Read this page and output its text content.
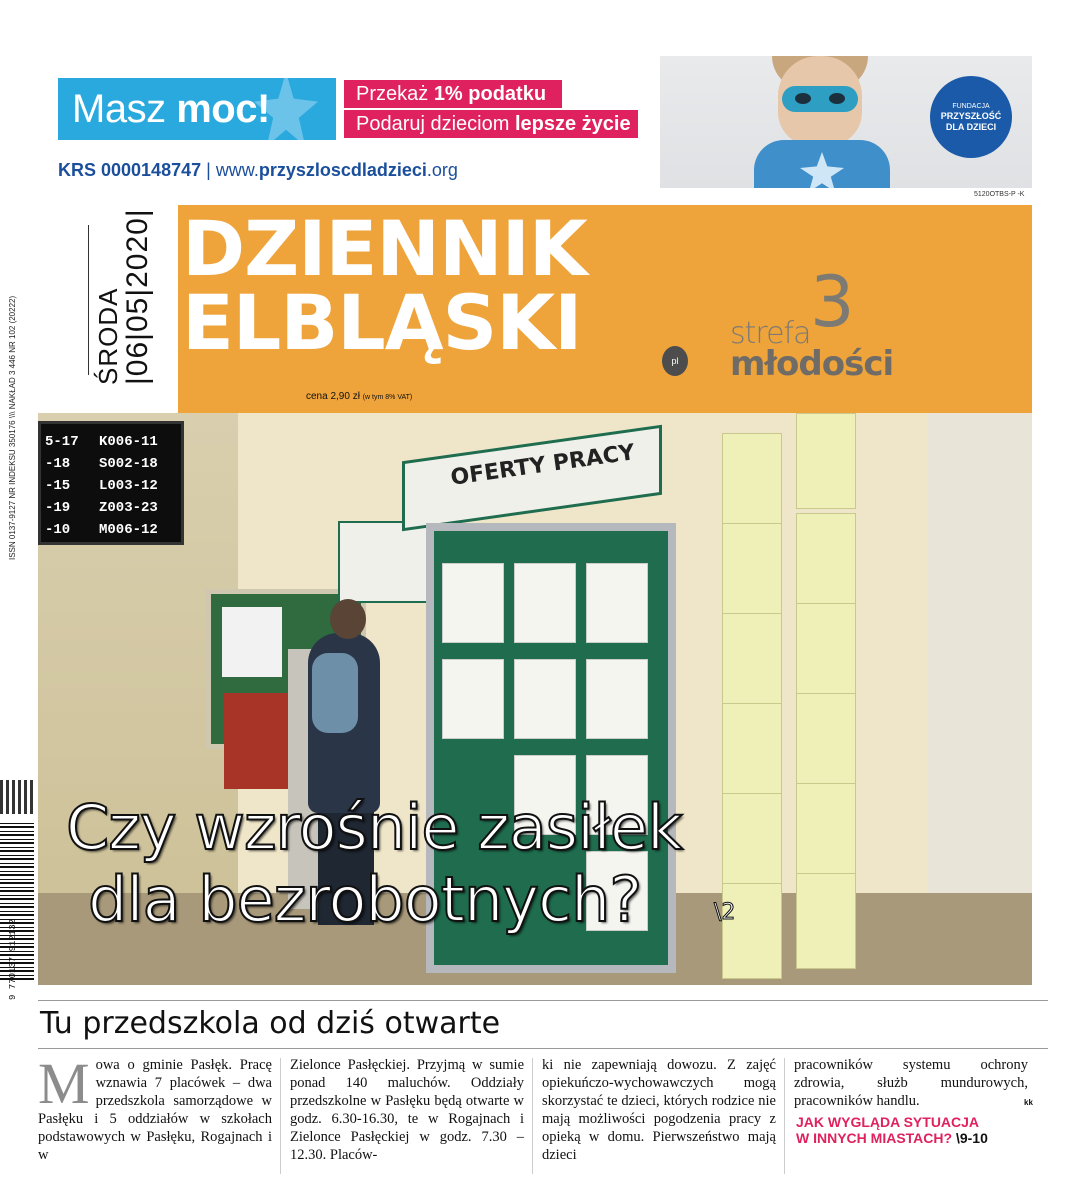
Masz moc!	Przekaż 1% podatku
Podaruj dzieciom lepsze życie
KRS 0000148747 | www.przyszloscdladzieci.org
FUNDACJA
PRZYSZŁOŚĆ
DLA DZIECI
5120OTBS-P -K
DZIENNIK
ELBLĄSKI	pl
strefa 3
młodości
cena 2,90 zł (w tym 8% VAT)
ŚRODA
|06|05|2020|
ISSN 0137-9127 NR INDEKSU 350176 \\\ NAKŁAD 3 446 NR 102 (20222) 5-17 K006-11
-18 S002-18
-15 L003-12
-19 Z003-23
-10 M006-12
OFERTY PRACY
Czy wzrośnie zasiłek
dla bezrobotnych?	\2
9 770137 912132
Tu przedszkola od dziś otwarte
Mowa o gminie Pasłęk. Pracę wznawia 7 placówek – dwa przedszkola samorządowe w Pasłęku i 5 oddziałów w szkołach podstawowych w Pasłęku, Rogajnach i w
Zielonce Pasłęckiej. Przyjmą w sumie ponad 140 maluchów. Oddziały przedszkolne w Pasłęku będą otwarte w godz. 6.30-16.30, te w Rogajnach i Zielonce Pasłęckiej w godz. 7.30 – 12.30. Placów-
ki nie zapewniają dowozu. Z zajęć opiekuńczo-wychowawczych mogą skorzystać te dzieci, których rodzice nie mają możliwości pogodzenia pracy z opieką w domu. Pierwszeństwo mają dzieci
pracowników systemu ochrony zdrowia, służb mundurowych, pracowników handlu.	kk
JAK WYGLĄDA SYTUACJA
W INNYCH MIASTACH? \9-10
